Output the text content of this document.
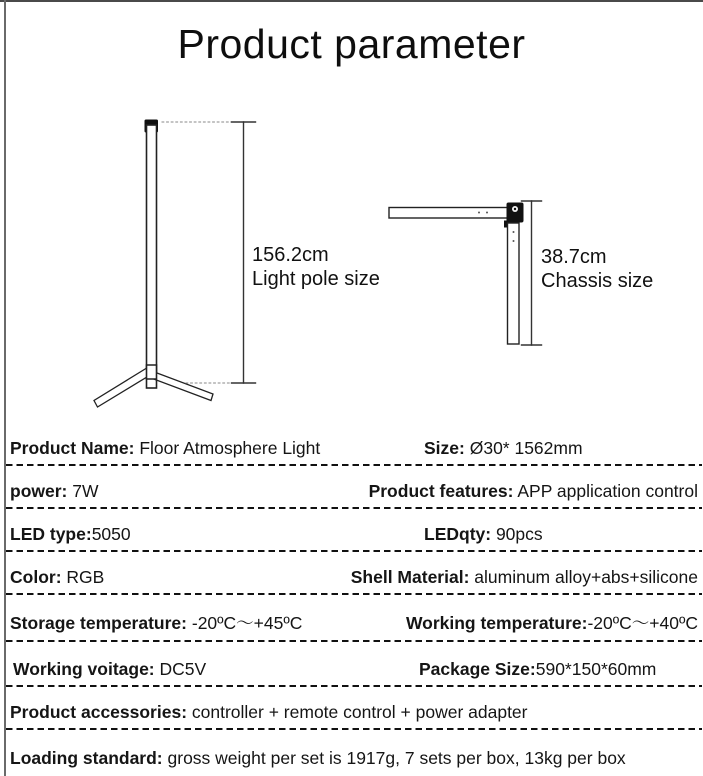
Product parameter
156.2cm
Light pole size
38.7cm
Chassis size
Product Name: Floor Atmosphere Light	Size: Ø30* 1562mm
power: 7W	Product features: APP application control
LED type:5050	LEDqty: 90pcs
Color: RGB	Shell Material: aluminum alloy+abs+silicone
Storage temperature: -20ºC～+45ºC	Working temperature:-20ºC～+40ºC
Working voitage: DC5V	Package Size:590*150*60mm
Product accessories: controller + remote control + power adapter
Loading standard: gross weight per set is 1917g, 7 sets per box, 13kg per box
